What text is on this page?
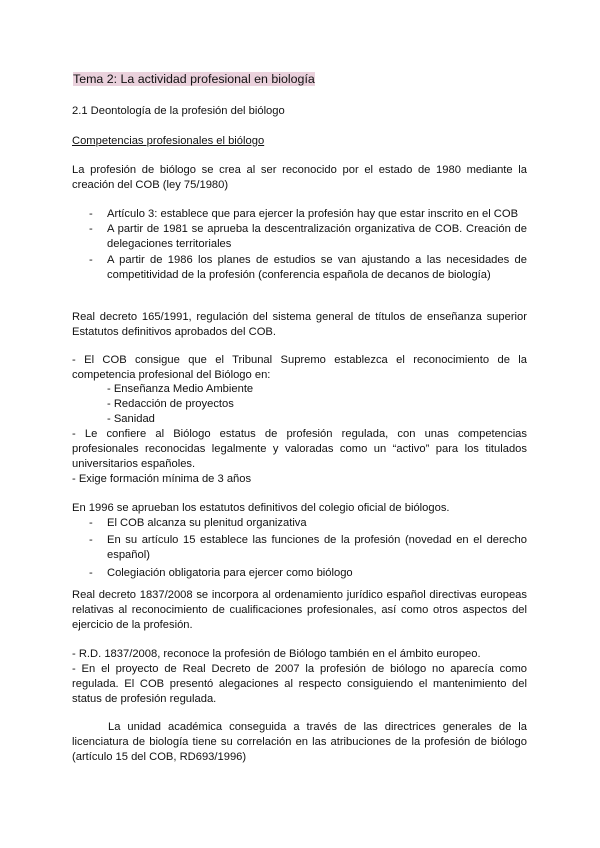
Tema 2: La actividad profesional en biología
2.1 Deontología de la profesión del biólogo
Competencias profesionales el biólogo
La profesión de biólogo se crea al ser reconocido por el estado de 1980 mediante la creación del COB (ley 75/1980)
- Artículo 3: establece que para ejercer la profesión hay que estar inscrito en el COB
- A partir de 1981 se aprueba la descentralización organizativa de COB. Creación de delegaciones territoriales
- A partir de 1986 los planes de estudios se van ajustando a las necesidades de competitividad de la profesión (conferencia española de decanos de biología)
Real decreto 165/1991, regulación del sistema general de títulos de enseñanza superior Estatutos definitivos aprobados del COB.
- El COB consigue que el Tribunal Supremo establezca el reconocimiento de la competencia profesional del Biólogo en:
- Enseñanza Medio Ambiente
- Redacción de proyectos
- Sanidad
- Le confiere al Biólogo estatus de profesión regulada, con unas competencias profesionales reconocidas legalmente y valoradas como un “activo” para los titulados universitarios españoles.
- Exige formación mínima de 3 años
En 1996 se aprueban los estatutos definitivos del colegio oficial de biólogos.
- El COB alcanza su plenitud organizativa
- En su artículo 15 establece las funciones de la profesión (novedad en el derecho español)
- Colegiación obligatoria para ejercer como biólogo
Real decreto 1837/2008 se incorpora al ordenamiento jurídico español directivas europeas relativas al reconocimiento de cualificaciones profesionales, así como otros aspectos del ejercicio de la profesión.
- R.D. 1837/2008, reconoce la profesión de Biólogo también en el ámbito europeo.
- En el proyecto de Real Decreto de 2007 la profesión de biólogo no aparecía como regulada. El COB presentó alegaciones al respecto consiguiendo el mantenimiento del status de profesión regulada.
La unidad académica conseguida a través de las directrices generales de la licenciatura de biología tiene su correlación en las atribuciones de la profesión de biólogo (artículo 15 del COB, RD693/1996)
